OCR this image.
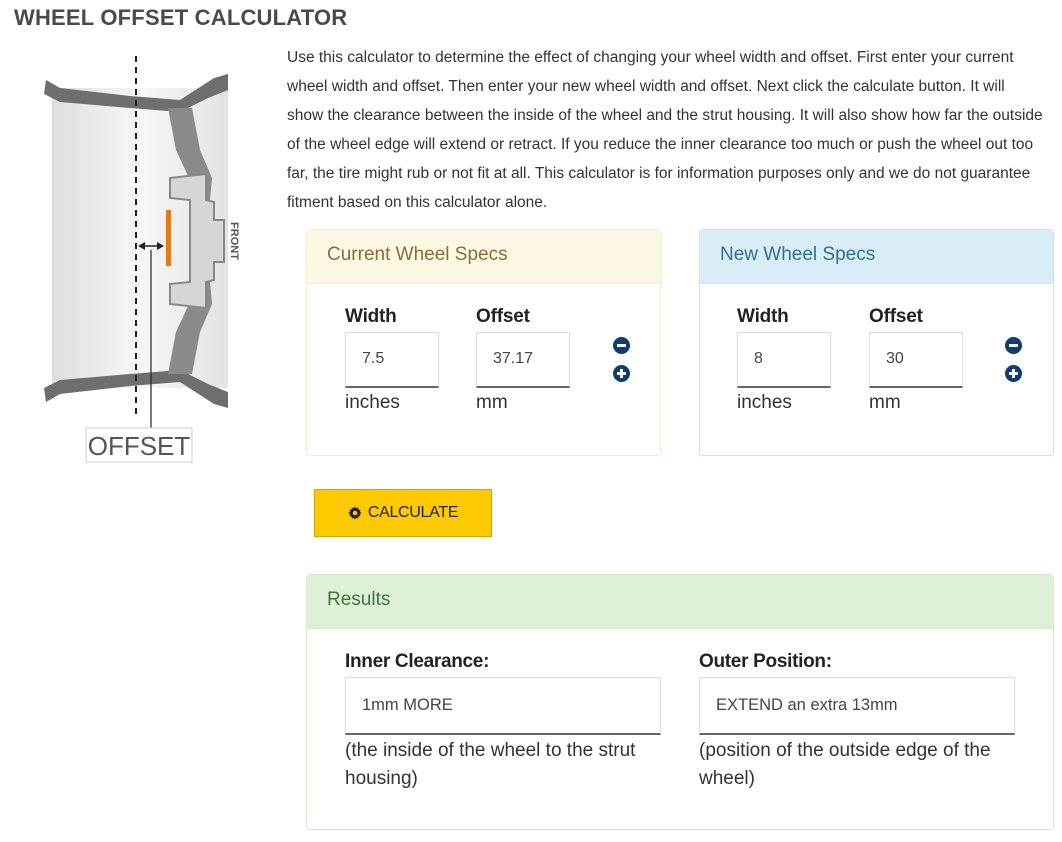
WHEEL OFFSET CALCULATOR
FRONT
OFFSET
Use this calculator to determine the effect of changing your wheel width and offset. First enter your current
wheel width and offset. Then enter your new wheel width and offset. Next click the calculate button. It will
show the clearance between the inside of the wheel and the strut housing. It will also show how far the outside
of the wheel edge will extend or retract. If you reduce the inner clearance too much or push the wheel out too
far, the tire might rub or not fit at all. This calculator is for information purposes only and we do not guarantee
fitment based on this calculator alone.
Current Wheel Specs
Width
7.5
inches
Offset
37.17
mm
New Wheel Specs
Width
8
inches
Offset
30
mm
CALCULATE
Results
Inner Clearance:
1mm MORE
(the inside of the wheel to the strut housing)
Outer Position:
EXTEND an extra 13mm
(position of the outside edge of the wheel)
